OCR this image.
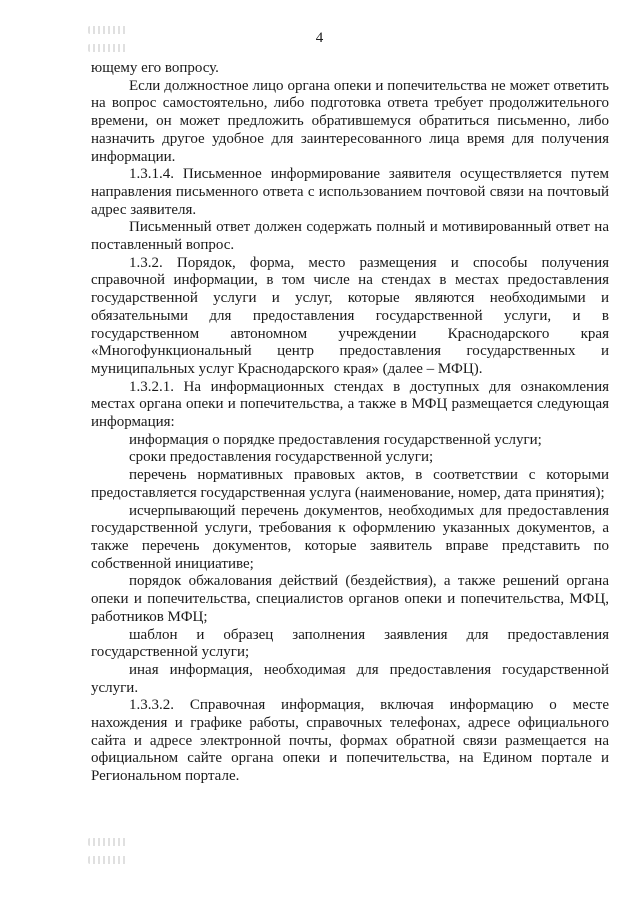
4

ющему его вопросу.

Если должностное лицо органа опеки и попечительства не может ответить на вопрос самостоятельно, либо подготовка ответа требует продолжительного времени, он может предложить обратившемуся обратиться письменно, либо назначить другое удобное для заинтересованного лица время для получения информации.

1.3.1.4. Письменное информирование заявителя осуществляется путем направления письменного ответа с использованием почтовой связи на почтовый адрес заявителя.

Письменный ответ должен содержать полный и мотивированный ответ на поставленный вопрос.

1.3.2. Порядок, форма, место размещения и способы получения справочной информации, в том числе на стендах в местах предоставления государственной услуги и услуг, которые являются необходимыми и обязательными для предоставления государственной услуги, и в государственном автономном учреждении Краснодарского края «Многофункциональный центр предоставления государственных и муниципальных услуг Краснодарского края» (далее – МФЦ).

1.3.2.1. На информационных стендах в доступных для ознакомления местах органа опеки и попечительства, а также в МФЦ размещается следующая информация:

информация о порядке предоставления государственной услуги;

сроки предоставления государственной услуги;

перечень нормативных правовых актов, в соответствии с которыми предоставляется государственная услуга (наименование, номер, дата принятия);

исчерпывающий перечень документов, необходимых для предоставления государственной услуги, требования к оформлению указанных документов, а также перечень документов, которые заявитель вправе представить по собственной инициативе;

порядок обжалования действий (бездействия), а также решений органа опеки и попечительства, специалистов органов опеки и попечительства, МФЦ, работников МФЦ;

шаблон и образец заполнения заявления для предоставления государственной услуги;

иная информация, необходимая для предоставления государственной услуги.

1.3.3.2. Справочная информация, включая информацию о месте нахождения и графике работы, справочных телефонах, адресе официального сайта и адресе электронной почты, формах обратной связи размещается на официальном сайте органа опеки и попечительства, на Едином портале и Региональном портале.
